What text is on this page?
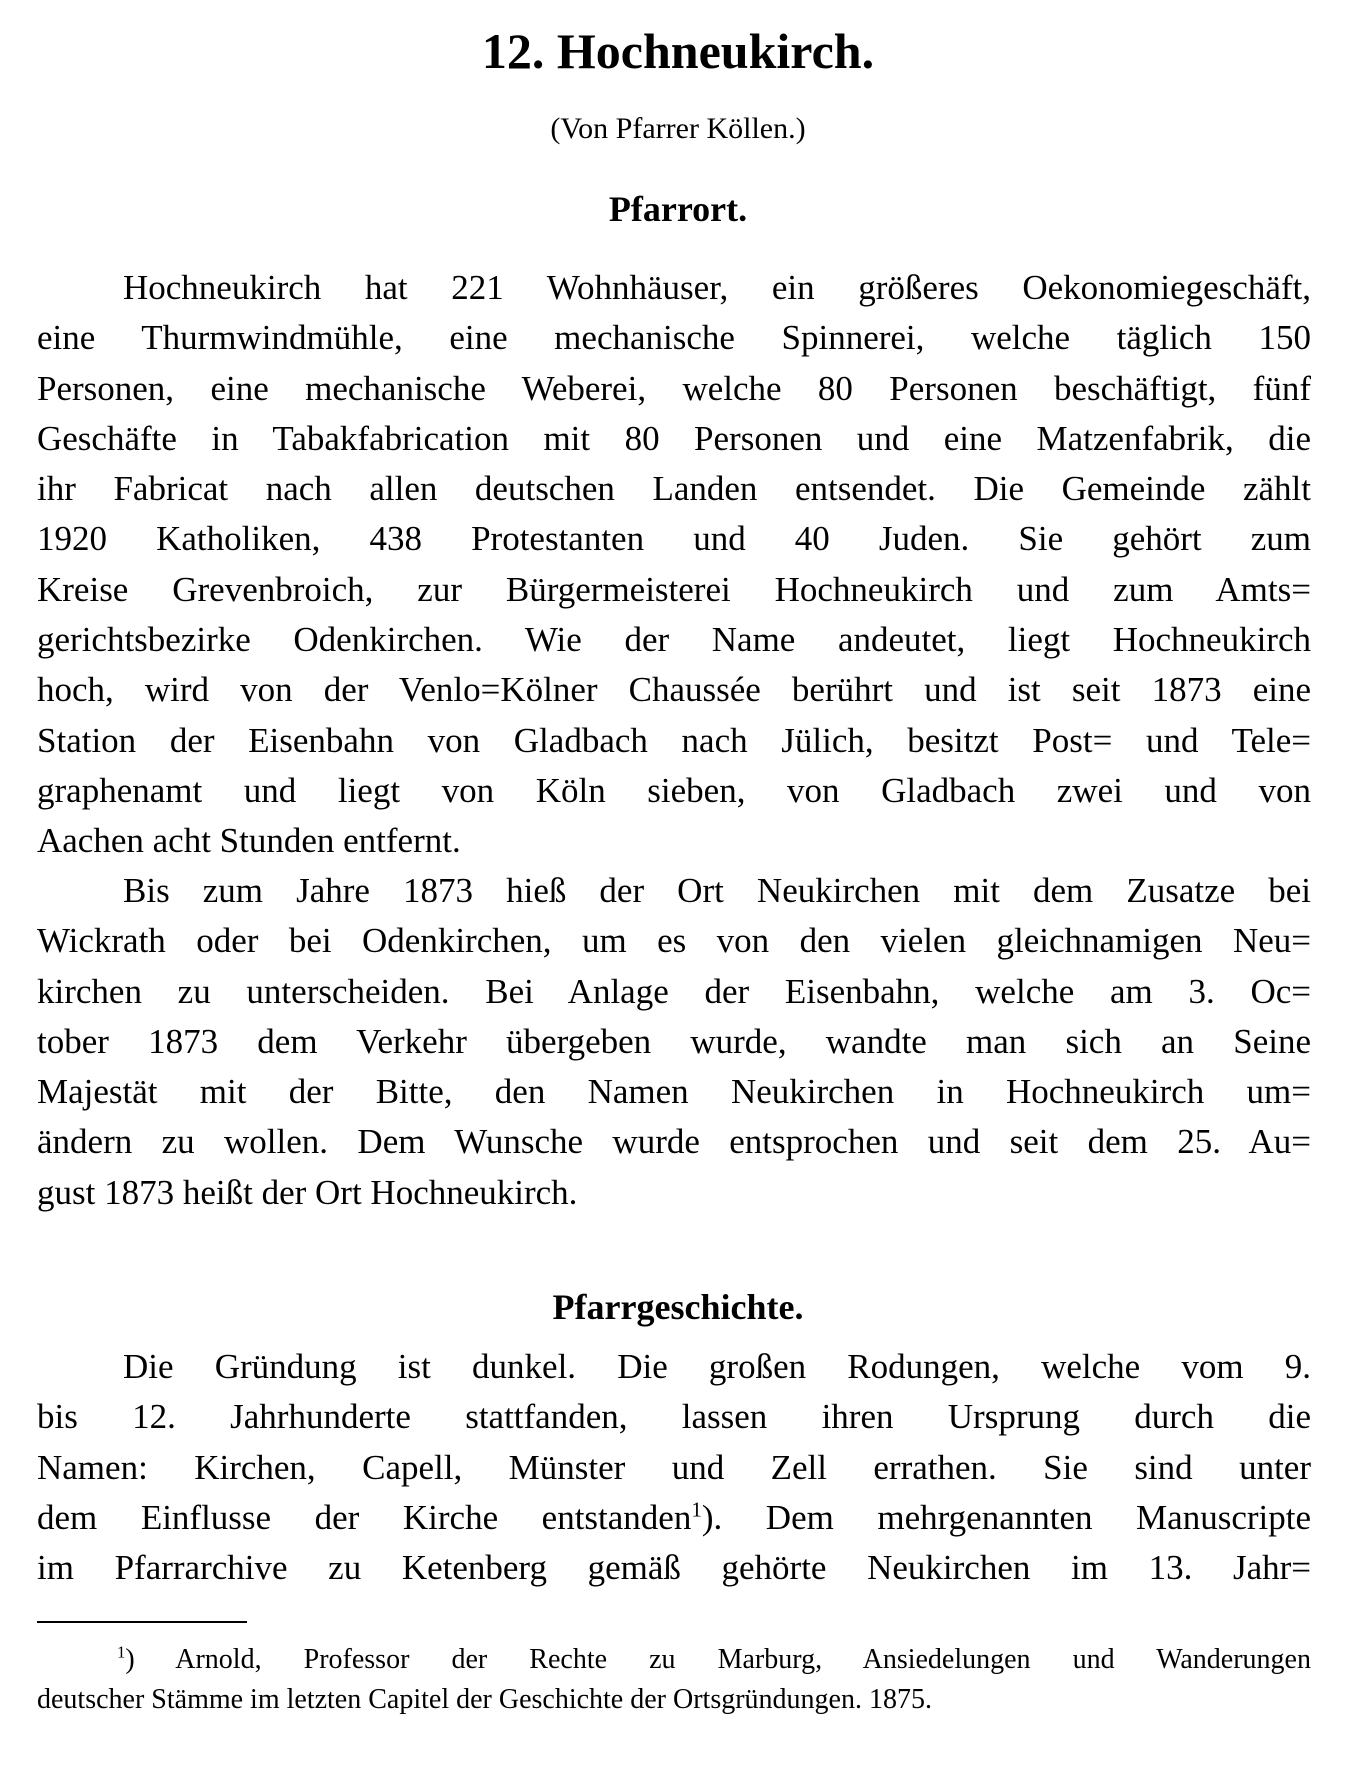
12. Hochneukirch.
(Von Pfarrer Köllen.)
Pfarrort.
Hochneukirch hat 221 Wohnhäuser, ein größeres Oekonomiegeschäft,
eine Thurmwindmühle, eine mechanische Spinnerei, welche täglich 150
Personen, eine mechanische Weberei, welche 80 Personen beschäftigt, fünf
Geschäfte in Tabakfabrication mit 80 Personen und eine Matzenfabrik, die
ihr Fabricat nach allen deutschen Landen entsendet. Die Gemeinde zählt
1920 Katholiken, 438 Protestanten und 40 Juden. Sie gehört zum
Kreise Grevenbroich, zur Bürgermeisterei Hochneukirch und zum Amts=
gerichtsbezirke Odenkirchen. Wie der Name andeutet, liegt Hochneukirch
hoch, wird von der Venlo=Kölner Chaussée berührt und ist seit 1873 eine
Station der Eisenbahn von Gladbach nach Jülich, besitzt Post= und Tele=
graphenamt und liegt von Köln sieben, von Gladbach zwei und von
Aachen acht Stunden entfernt.
Bis zum Jahre 1873 hieß der Ort Neukirchen mit dem Zusatze bei
Wickrath oder bei Odenkirchen, um es von den vielen gleichnamigen Neu=
kirchen zu unterscheiden. Bei Anlage der Eisenbahn, welche am 3. Oc=
tober 1873 dem Verkehr übergeben wurde, wandte man sich an Seine
Majestät mit der Bitte, den Namen Neukirchen in Hochneukirch um=
ändern zu wollen. Dem Wunsche wurde entsprochen und seit dem 25. Au=
gust 1873 heißt der Ort Hochneukirch.
Pfarrgeschichte.
Die Gründung ist dunkel. Die großen Rodungen, welche vom 9.
bis 12. Jahrhunderte stattfanden, lassen ihren Ursprung durch die
Namen: Kirchen, Capell, Münster und Zell errathen. Sie sind unter
dem Einflusse der Kirche entstanden$^1$). Dem mehrgenannten Manuscripte
im Pfarrarchive zu Ketenberg gemäß gehörte Neukirchen im 13. Jahr=
$^1$) Arnold, Professor der Rechte zu Marburg, Ansiedelungen und Wanderungen
deutscher Stämme im letzten Capitel der Geschichte der Ortsgründungen. 1875.
